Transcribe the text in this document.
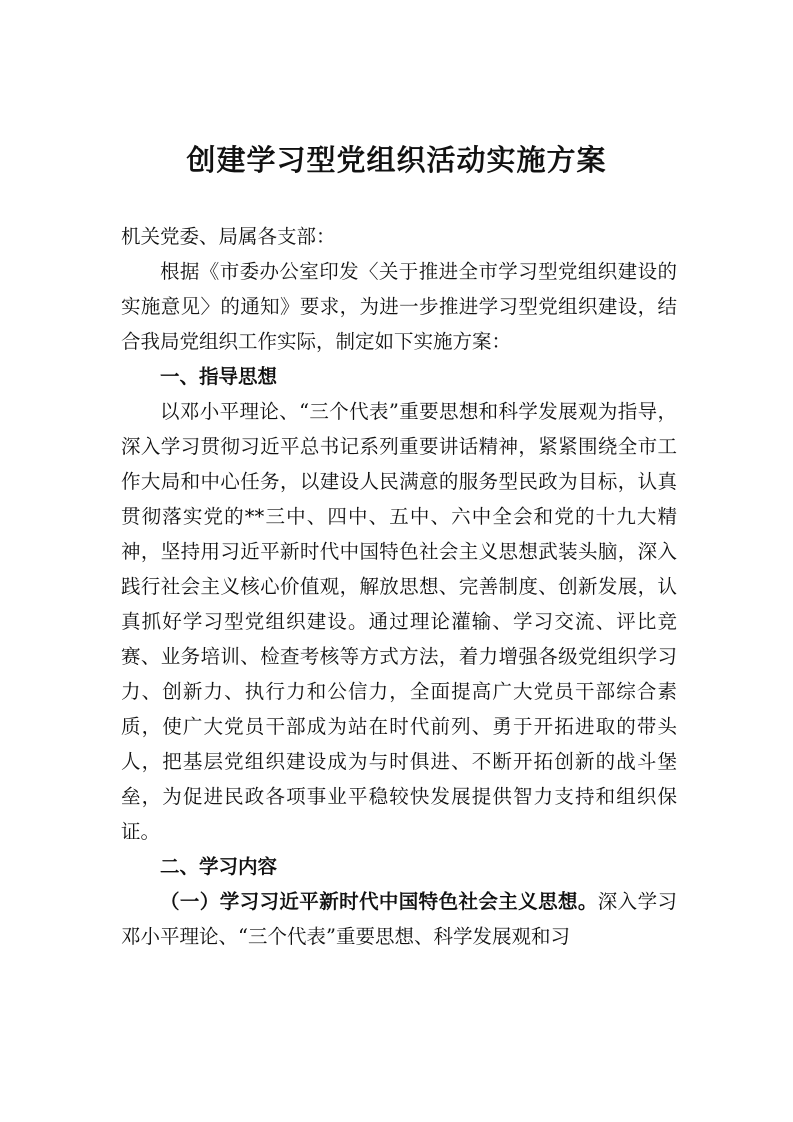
创建学习型党组织活动实施方案

机关党委、局属各支部：

根据《市委办公室印发〈关于推进全市学习型党组织建设的实施意见〉的通知》要求，为进一步推进学习型党组织建设，结合我局党组织工作实际，制定如下实施方案：

一、指导思想

以邓小平理论、“三个代表”重要思想和科学发展观为指导，深入学习贯彻习近平总书记系列重要讲话精神，紧紧围绕全市工作大局和中心任务，以建设人民满意的服务型民政为目标，认真贯彻落实党的**三中、四中、五中、六中全会和党的十九大精神，坚持用习近平新时代中国特色社会主义思想武装头脑，深入践行社会主义核心价值观，解放思想、完善制度、创新发展，认真抓好学习型党组织建设。通过理论灌输、学习交流、评比竞赛、业务培训、检查考核等方式方法，着力增强各级党组织学习力、创新力、执行力和公信力，全面提高广大党员干部综合素质，使广大党员干部成为站在时代前列、勇于开拓进取的带头人，把基层党组织建设成为与时俱进、不断开拓创新的战斗堡垒，为促进民政各项事业平稳较快发展提供智力支持和组织保证。

二、学习内容

（一）学习习近平新时代中国特色社会主义思想。深入学习邓小平理论、“三个代表”重要思想、科学发展观和习
